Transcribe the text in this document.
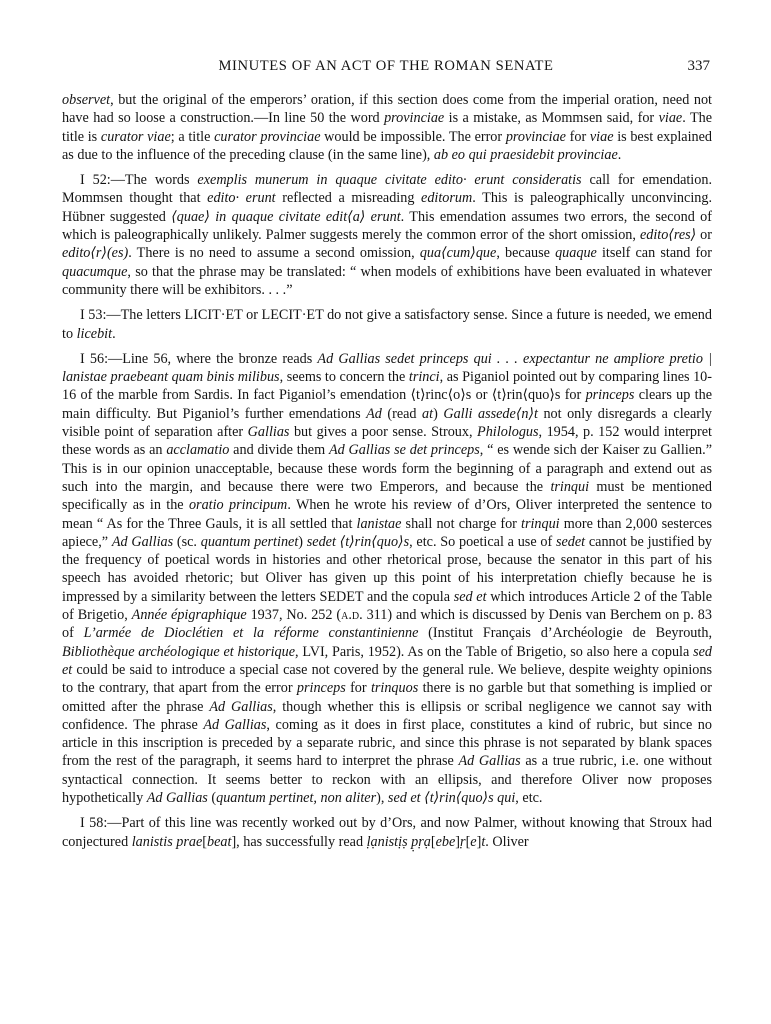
MINUTES OF AN ACT OF THE ROMAN SENATE	337

observet, but the original of the emperors’ oration, if this section does come from the imperial oration, need not have had so loose a construction.—In line 50 the word provinciae is a mistake, as Mommsen said, for viae. The title is curator viae; a title curator provinciae would be impossible. The error provinciae for viae is best explained as due to the influence of the preceding clause (in the same line), ab eo qui praesidebit provinciae.

I 52:—The words exemplis munerum in quaque civitate edito· erunt consideratis call for emendation. Mommsen thought that edito· erunt reflected a misreading editorum. This is paleographically unconvincing. Hübner suggested ⟨quae⟩ in quaque civitate edit⟨a⟩ erunt. This emendation assumes two errors, the second of which is paleographically unlikely. Palmer suggests merely the common error of the short omission, edito⟨res⟩ or edito⟨r⟩(es). There is no need to assume a second omission, qua⟨cum⟩que, because quaque itself can stand for quacumque, so that the phrase may be translated: “ when models of exhibitions have been evaluated in whatever community there will be exhibitors. . . .”

I 53:—The letters LICIT·ET or LECIT·ET do not give a satisfactory sense. Since a future is needed, we emend to licebit.

I 56:—Line 56, where the bronze reads Ad Gallias sedet princeps qui . . . expectantur ne ampliore pretio | lanistae praebeant quam binis milibus, seems to concern the trinci, as Piganiol pointed out by comparing lines 10-16 of the marble from Sardis. In fact Piganiol’s emendation ⟨t⟩rinc⟨o⟩s or ⟨t⟩rin⟨quo⟩s for princeps clears up the main difficulty. But Piganiol’s further emendations Ad (read at) Galli assede⟨n⟩t not only disregards a clearly visible point of separation after Gallias but gives a poor sense. Stroux, Philologus, 1954, p. 152 would interpret these words as an acclamatio and divide them Ad Gallias se det princeps, “ es wende sich der Kaiser zu Gallien.” This is in our opinion unacceptable, because these words form the beginning of a paragraph and extend out as such into the margin, and because there were two Emperors, and because the trinqui must be mentioned specifically as in the oratio principum. When he wrote his review of d’Ors, Oliver interpreted the sentence to mean “ As for the Three Gauls, it is all settled that lanistae shall not charge for trinqui more than 2,000 sesterces apiece,” Ad Gallias (sc. quantum pertinet) sedet ⟨t⟩rin⟨quo⟩s, etc. So poetical a use of sedet cannot be justified by the frequency of poetical words in histories and other rhetorical prose, because the senator in this part of his speech has avoided rhetoric; but Oliver has given up this point of his interpretation chiefly because he is impressed by a similarity between the letters SEDET and the copula sed et which introduces Article 2 of the Table of Brigetio, Année épigraphique 1937, No. 252 (a.d. 311) and which is discussed by Denis van Berchem on p. 83 of L’armée de Dioclétien et la réforme constantinienne (Institut Français d’Archéologie de Beyrouth, Bibliothèque archéologique et historique, LVI, Paris, 1952). As on the Table of Brigetio, so also here a copula sed et could be said to introduce a special case not covered by the general rule. We believe, despite weighty opinions to the contrary, that apart from the error princeps for trinquos there is no garble but that something is implied or omitted after the phrase Ad Gallias, though whether this is ellipsis or scribal negligence we cannot say with confidence. The phrase Ad Gallias, coming as it does in first place, constitutes a kind of rubric, but since no article in this inscription is preceded by a separate rubric, and since this phrase is not separated by blank spaces from the rest of the paragraph, it seems hard to interpret the phrase Ad Gallias as a true rubric, i.e. one without syntactical connection. It seems better to reckon with an ellipsis, and therefore Oliver now proposes hypothetically Ad Gallias (quantum pertinet, non aliter), sed et ⟨t⟩rin⟨quo⟩s qui, etc.

I 58:—Part of this line was recently worked out by d’Ors, and now Palmer, without knowing that Stroux had conjectured lanistis prae[beat], has successfully read ḷạnistịṣ p̣ṛạ[ebe]ṛ[e]t. Oliver
